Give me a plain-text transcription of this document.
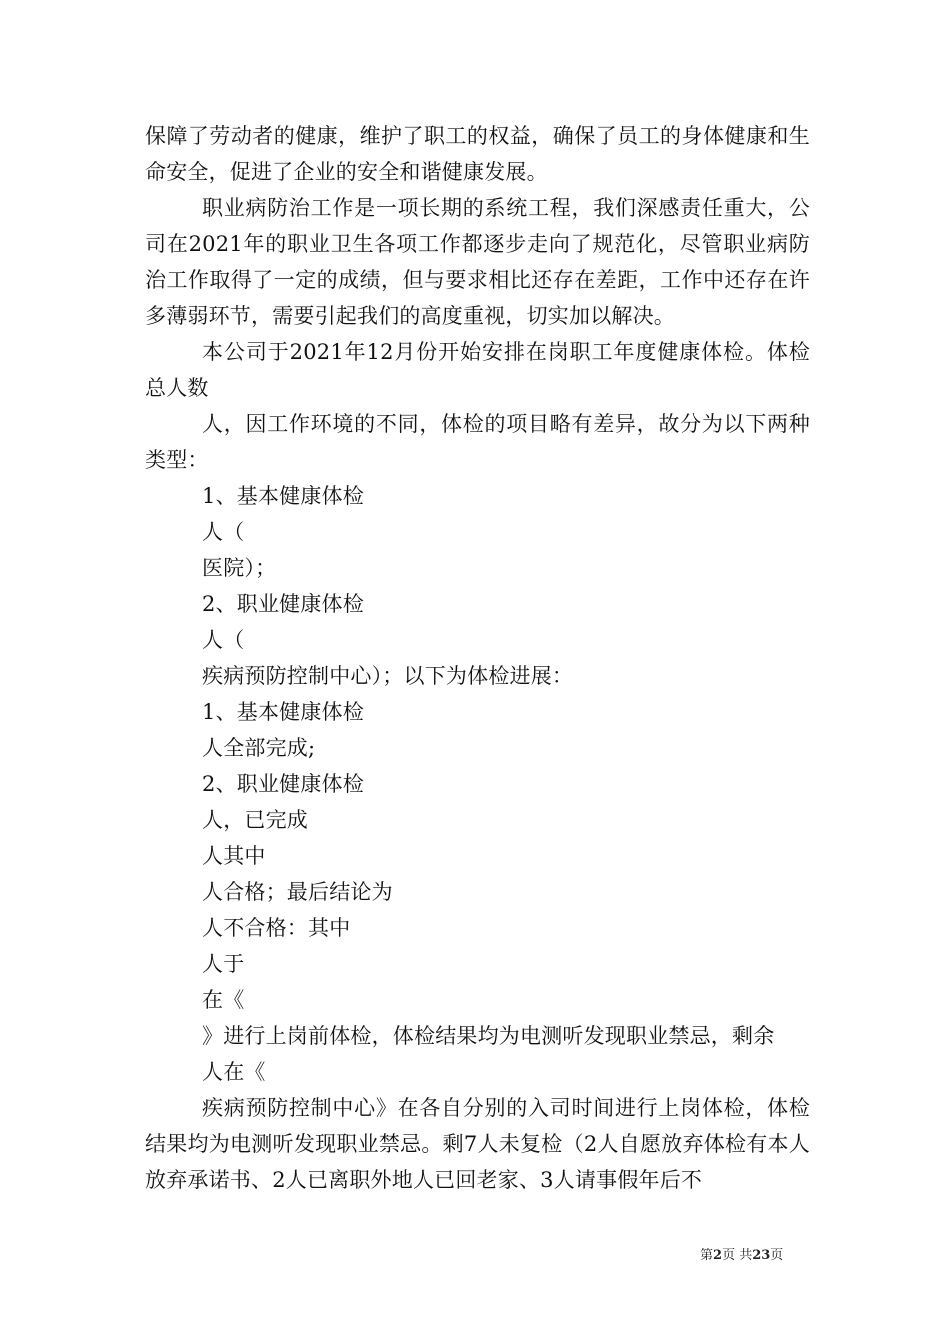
保障了劳动者的健康，维护了职工的权益，确保了员工的身体健康和生命安全，促进了企业的安全和谐健康发展。

职业病防治工作是一项长期的系统工程，我们深感责任重大，公司在2021年的职业卫生各项工作都逐步走向了规范化，尽管职业病防治工作取得了一定的成绩，但与要求相比还存在差距，工作中还存在许多薄弱环节，需要引起我们的高度重视，切实加以解决。

本公司于2021年12月份开始安排在岗职工年度健康体检。体检总人数

人，因工作环境的不同，体检的项目略有差异，故分为以下两种类型：

1、基本健康体检

人（

医院）；

2、职业健康体检

人（

疾病预防控制中心）；以下为体检进展：

1、基本健康体检

人全部完成;

2、职业健康体检

人，已完成

人其中

人合格；最后结论为

人不合格：其中

人于

在《

》进行上岗前体检，体检结果均为电测听发现职业禁忌，剩余

人在《

疾病预防控制中心》在各自分别的入司时间进行上岗体检，体检结果均为电测听发现职业禁忌。剩7人未复检（2人自愿放弃体检有本人放弃承诺书、2人已离职外地人已回老家、3人请事假年后不

第2页 共23页
